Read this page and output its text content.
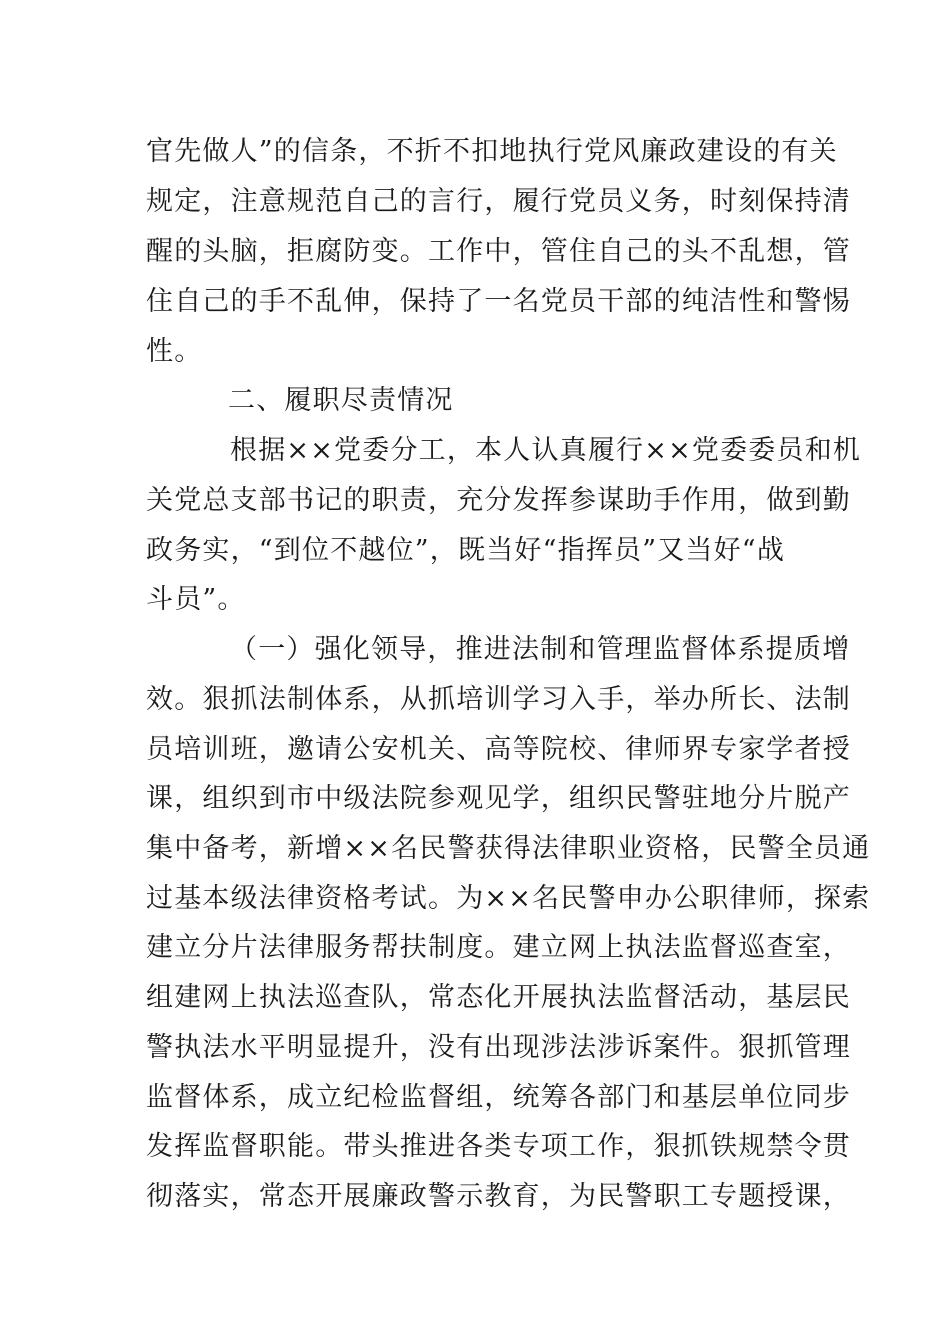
官先做人”的信条，不折不扣地执行党风廉政建设的有关
规定，注意规范自己的言行，履行党员义务，时刻保持清
醒的头脑，拒腐防变。工作中，管住自己的头不乱想，管
住自己的手不乱伸，保持了一名党员干部的纯洁性和警惕
性。
二、履职尽责情况
根据××党委分工，本人认真履行××党委委员和机
关党总支部书记的职责，充分发挥参谋助手作用，做到勤
政务实，“到位不越位”，既当好“指挥员”又当好“战
斗员”。
（一）强化领导，推进法制和管理监督体系提质增
效。狠抓法制体系，从抓培训学习入手，举办所长、法制
员培训班，邀请公安机关、高等院校、律师界专家学者授
课，组织到市中级法院参观见学，组织民警驻地分片脱产
集中备考，新增××名民警获得法律职业资格，民警全员通
过基本级法律资格考试。为××名民警申办公职律师，探索
建立分片法律服务帮扶制度。建立网上执法监督巡查室，
组建网上执法巡查队，常态化开展执法监督活动，基层民
警执法水平明显提升，没有出现涉法涉诉案件。狠抓管理
监督体系，成立纪检监督组，统筹各部门和基层单位同步
发挥监督职能。带头推进各类专项工作，狠抓铁规禁令贯
彻落实，常态开展廉政警示教育，为民警职工专题授课，
